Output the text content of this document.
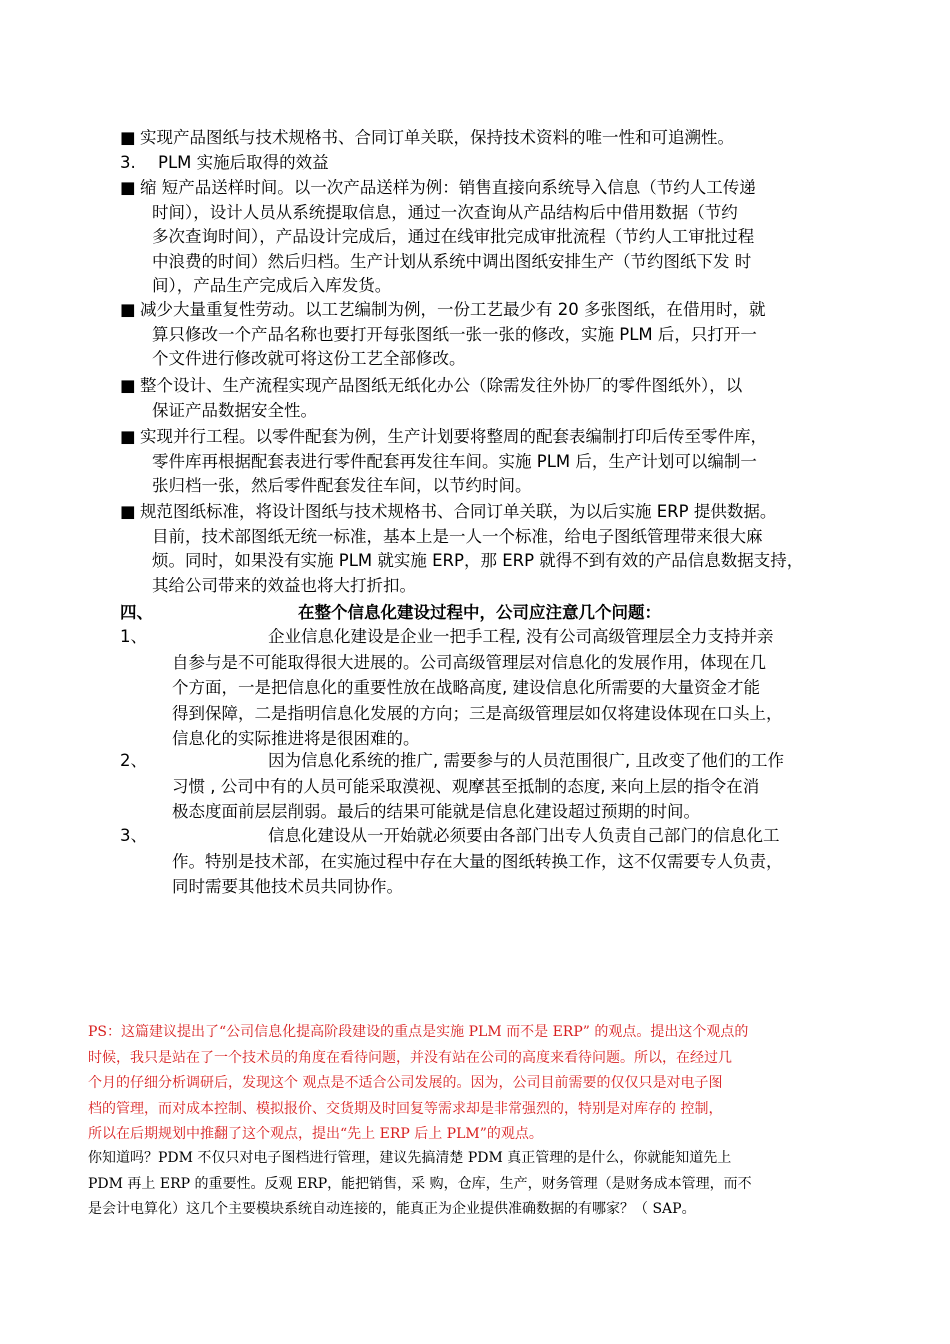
■ 实现产品图纸与技术规格书、合同订单关联，保持技术资料的唯一性和可追溯性。
3. PLM 实施后取得的效益
■ 缩 短产品送样时间。以一次产品送样为例：销售直接向系统导入信息（节约人工传递
时间），设计人员从系统提取信息，通过一次查询从产品结构后中借用数据（节约
多次查询时间），产品设计完成后，通过在线审批完成审批流程（节约人工审批过程
中浪费的时间）然后归档。生产计划从系统中调出图纸安排生产（节约图纸下发 时
间），产品生产完成后入库发货。
■ 减少大量重复性劳动。以工艺编制为例，一份工艺最少有 20 多张图纸，在借用时，就
算只修改一个产品名称也要打开每张图纸一张一张的修改，实施 PLM 后，只打开一
个文件进行修改就可将这份工艺全部修改。
■ 整个设计、生产流程实现产品图纸无纸化办公（除需发往外协厂的零件图纸外），以
保证产品数据安全性。
■ 实现并行工程。以零件配套为例，生产计划要将整周的配套表编制打印后传至零件库，
零件库再根据配套表进行零件配套再发往车间。实施 PLM 后，生产计划可以编制一
张归档一张，然后零件配套发往车间，以节约时间。
■ 规范图纸标准，将设计图纸与技术规格书、合同订单关联，为以后实施 ERP 提供数据。
目前，技术部图纸无统一标准，基本上是一人一个标准，给电子图纸管理带来很大麻
烦。同时，如果没有实施 PLM 就实施 ERP，那 ERP 就得不到有效的产品信息数据支持，
其给公司带来的效益也将大打折扣。
四、	在整个信息化建设过程中，公司应注意几个问题：
1、	企业信息化建设是企业一把手工程, 没有公司高级管理层全力支持并亲
自参与是不可能取得很大进展的。公司高级管理层对信息化的发展作用，体现在几
个方面，一是把信息化的重要性放在战略高度, 建设信息化所需要的大量资金才能
得到保障，二是指明信息化发展的方向；三是高级管理层如仅将建设体现在口头上，
信息化的实际推进将是很困难的。
2、	因为信息化系统的推广, 需要参与的人员范围很广, 且改变了他们的工作
习惯 , 公司中有的人员可能采取漠视、观摩甚至抵制的态度, 来向上层的指令在消
极态度面前层层削弱。最后的结果可能就是信息化建设超过预期的时间。
3、	信息化建设从一开始就必须要由各部门出专人负责自己部门的信息化工
作。特别是技术部，在实施过程中存在大量的图纸转换工作，这不仅需要专人负责，
同时需要其他技术员共同协作。
PS：这篇建议提出了“公司信息化提高阶段建设的重点是实施 PLM 而不是 ERP” 的观点。提出这个观点的
时候，我只是站在了一个技术员的角度在看待问题，并没有站在公司的高度来看待问题。所以，在经过几
个月的仔细分析调研后，发现这个 观点是不适合公司发展的。因为，公司目前需要的仅仅只是对电子图
档的管理，而对成本控制、模拟报价、交货期及时回复等需求却是非常强烈的，特别是对库存的 控制，
所以在后期规划中推翻了这个观点，提出“先上 ERP 后上 PLM”的观点。
你知道吗？PDM 不仅只对电子图档进行管理，建议先搞清楚 PDM 真正管理的是什么，你就能知道先上
PDM 再上 ERP 的重要性。反观 ERP，能把销售，采 购，仓库，生产，财务管理（是财务成本管理，而不
是会计电算化）这几个主要模块系统自动连接的，能真正为企业提供准确数据的有哪家？（ SAP。
